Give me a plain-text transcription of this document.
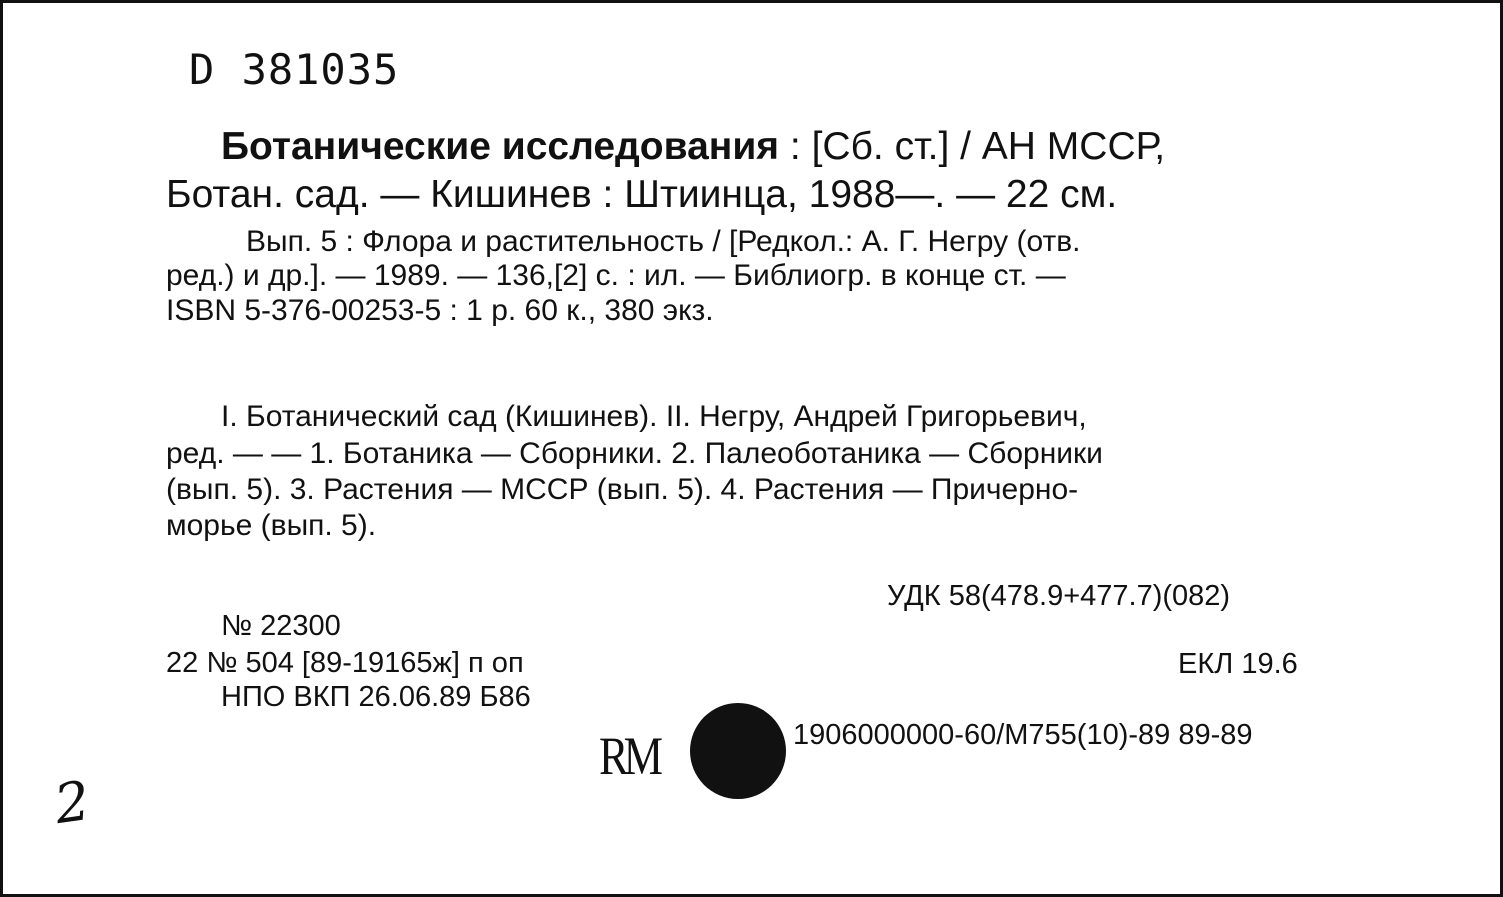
D 381035
Ботанические исследования : [Сб. ст.] / АН МССР,
Ботан. сад. — Кишинев : Штиинца, 1988—. — 22 см.
Вып. 5 : Флора и растительность / [Редкол.: А. Г. Негру (отв.
ред.) и др.]. — 1989. — 136,[2] с. : ил. — Библиогр. в конце ст. —
ISBN 5-376-00253-5 : 1 р. 60 к., 380 экз.
I. Ботанический сад (Кишинев). II. Негру, Андрей Григорьевич,
ред. — — 1. Ботаника — Сборники. 2. Палеоботаника — Сборники
(вып. 5). 3. Растения — МССР (вып. 5). 4. Растения — Причерно-
морье (вып. 5).
УДК 58(478.9+477.7)(082)
№ 22300
22 № 504 [89-19165ж] п оп	ЕКЛ 19.6
НПО ВКП 26.06.89 Б86
RM	1906000000-60/М755(10)-89 89-89
2
